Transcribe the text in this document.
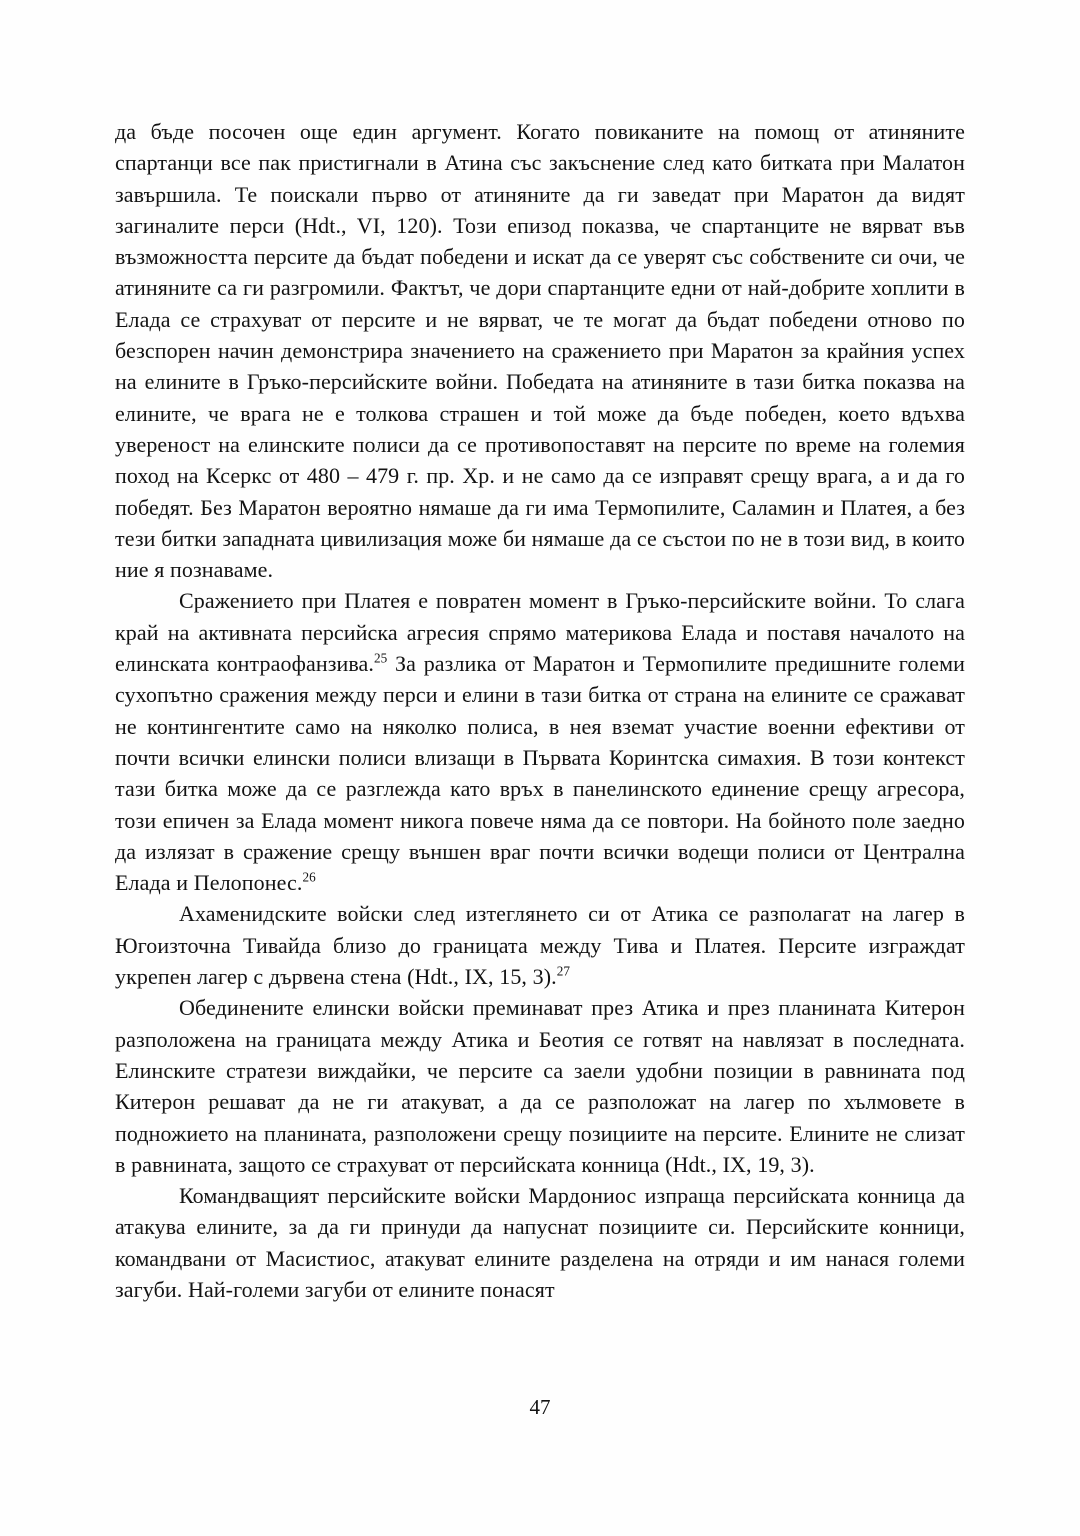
да бъде посочен още един аргумент. Когато повиканите на помощ от атиняните спартанци все пак пристигнали в Атина със закъснение след като битката при Малатон завършила. Те поискали първо от атиняните да ги заведат при Маратон да видят загиналите перси (Hdt., VI, 120). Този епизод показва, че спартанците не вярват във възможността персите да бъдат победени и искат да се уверят със собствените си очи, че атиняните са ги разгромили. Фактът, че дори спартанците едни от най-добрите хоплити в Елада се страхуват от персите и не вярват, че те могат да бъдат победени отново по безспорен начин демонстрира значението на сражението при Маратон за крайния успех на елините в Гръко-персийските войни. Победата на атиняните в тази битка показва на елините, че врага не е толкова страшен и той може да бъде победен, което вдъхва увереност на елинските полиси да се противопоставят на персите по време на големия поход на Ксеркс от 480 – 479 г. пр. Хр. и не само да се изправят срещу врага, а и да го победят. Без Маратон вероятно нямаше да ги има Термопилите, Саламин и Платея, а без тези битки западната цивилизация може би нямаше да се състои по не в този вид, в които ние я познаваме.

Сражението при Платея е повратен момент в Гръко-персийските войни. То слага край на активната персийска агресия спрямо материкова Елада и поставя началото на елинската контраофанзива.$^{25}$ За разлика от Маратон и Термопилите предишните големи сухопътно сражения между перси и елини в тази битка от страна на елините се сражават не контингентите само на няколко полиса, в нея вземат участие военни ефективи от почти всички елински полиси влизащи в Първата Коринтска симахия. В този контекст тази битка може да се разглежда като връх в панелинското единение срещу агресора, този епичен за Елада момент никога повече няма да се повтори. На бойното поле заедно да излязат в сражение срещу външен враг почти всички водещи полиси от Централна Елада и Пелопонес.$^{26}$

Ахаменидските войски след изтеглянето си от Атика се разполагат на лагер в Югоизточна Тивайда близо до границата между Тива и Платея. Персите изграждат укрепен лагер с дървена стена (Hdt., IX, 15, 3).$^{27}$

Обединените елински войски преминават през Атика и през планината Китерон разположена на границата между Атика и Беотия се готвят на навлязат в последната. Елинските стратези виждайки, че персите са заели удобни позиции в равнината под Китерон решават да не ги атакуват, а да се разположат на лагер по хълмовете в подножието на планината, разположени срещу позициите на персите. Елините не слизат в равнината, защото се страхуват от персийската конница (Hdt., IX, 19, 3).

Командващият персийските войски Мардониос изпраща персийската конница да атакува елините, за да ги принуди да напуснат позициите си. Персийските конници, командвани от Масистиос, атакуват елините разделена на отряди и им нанася големи загуби. Най-големи загуби от елините понасят

47
